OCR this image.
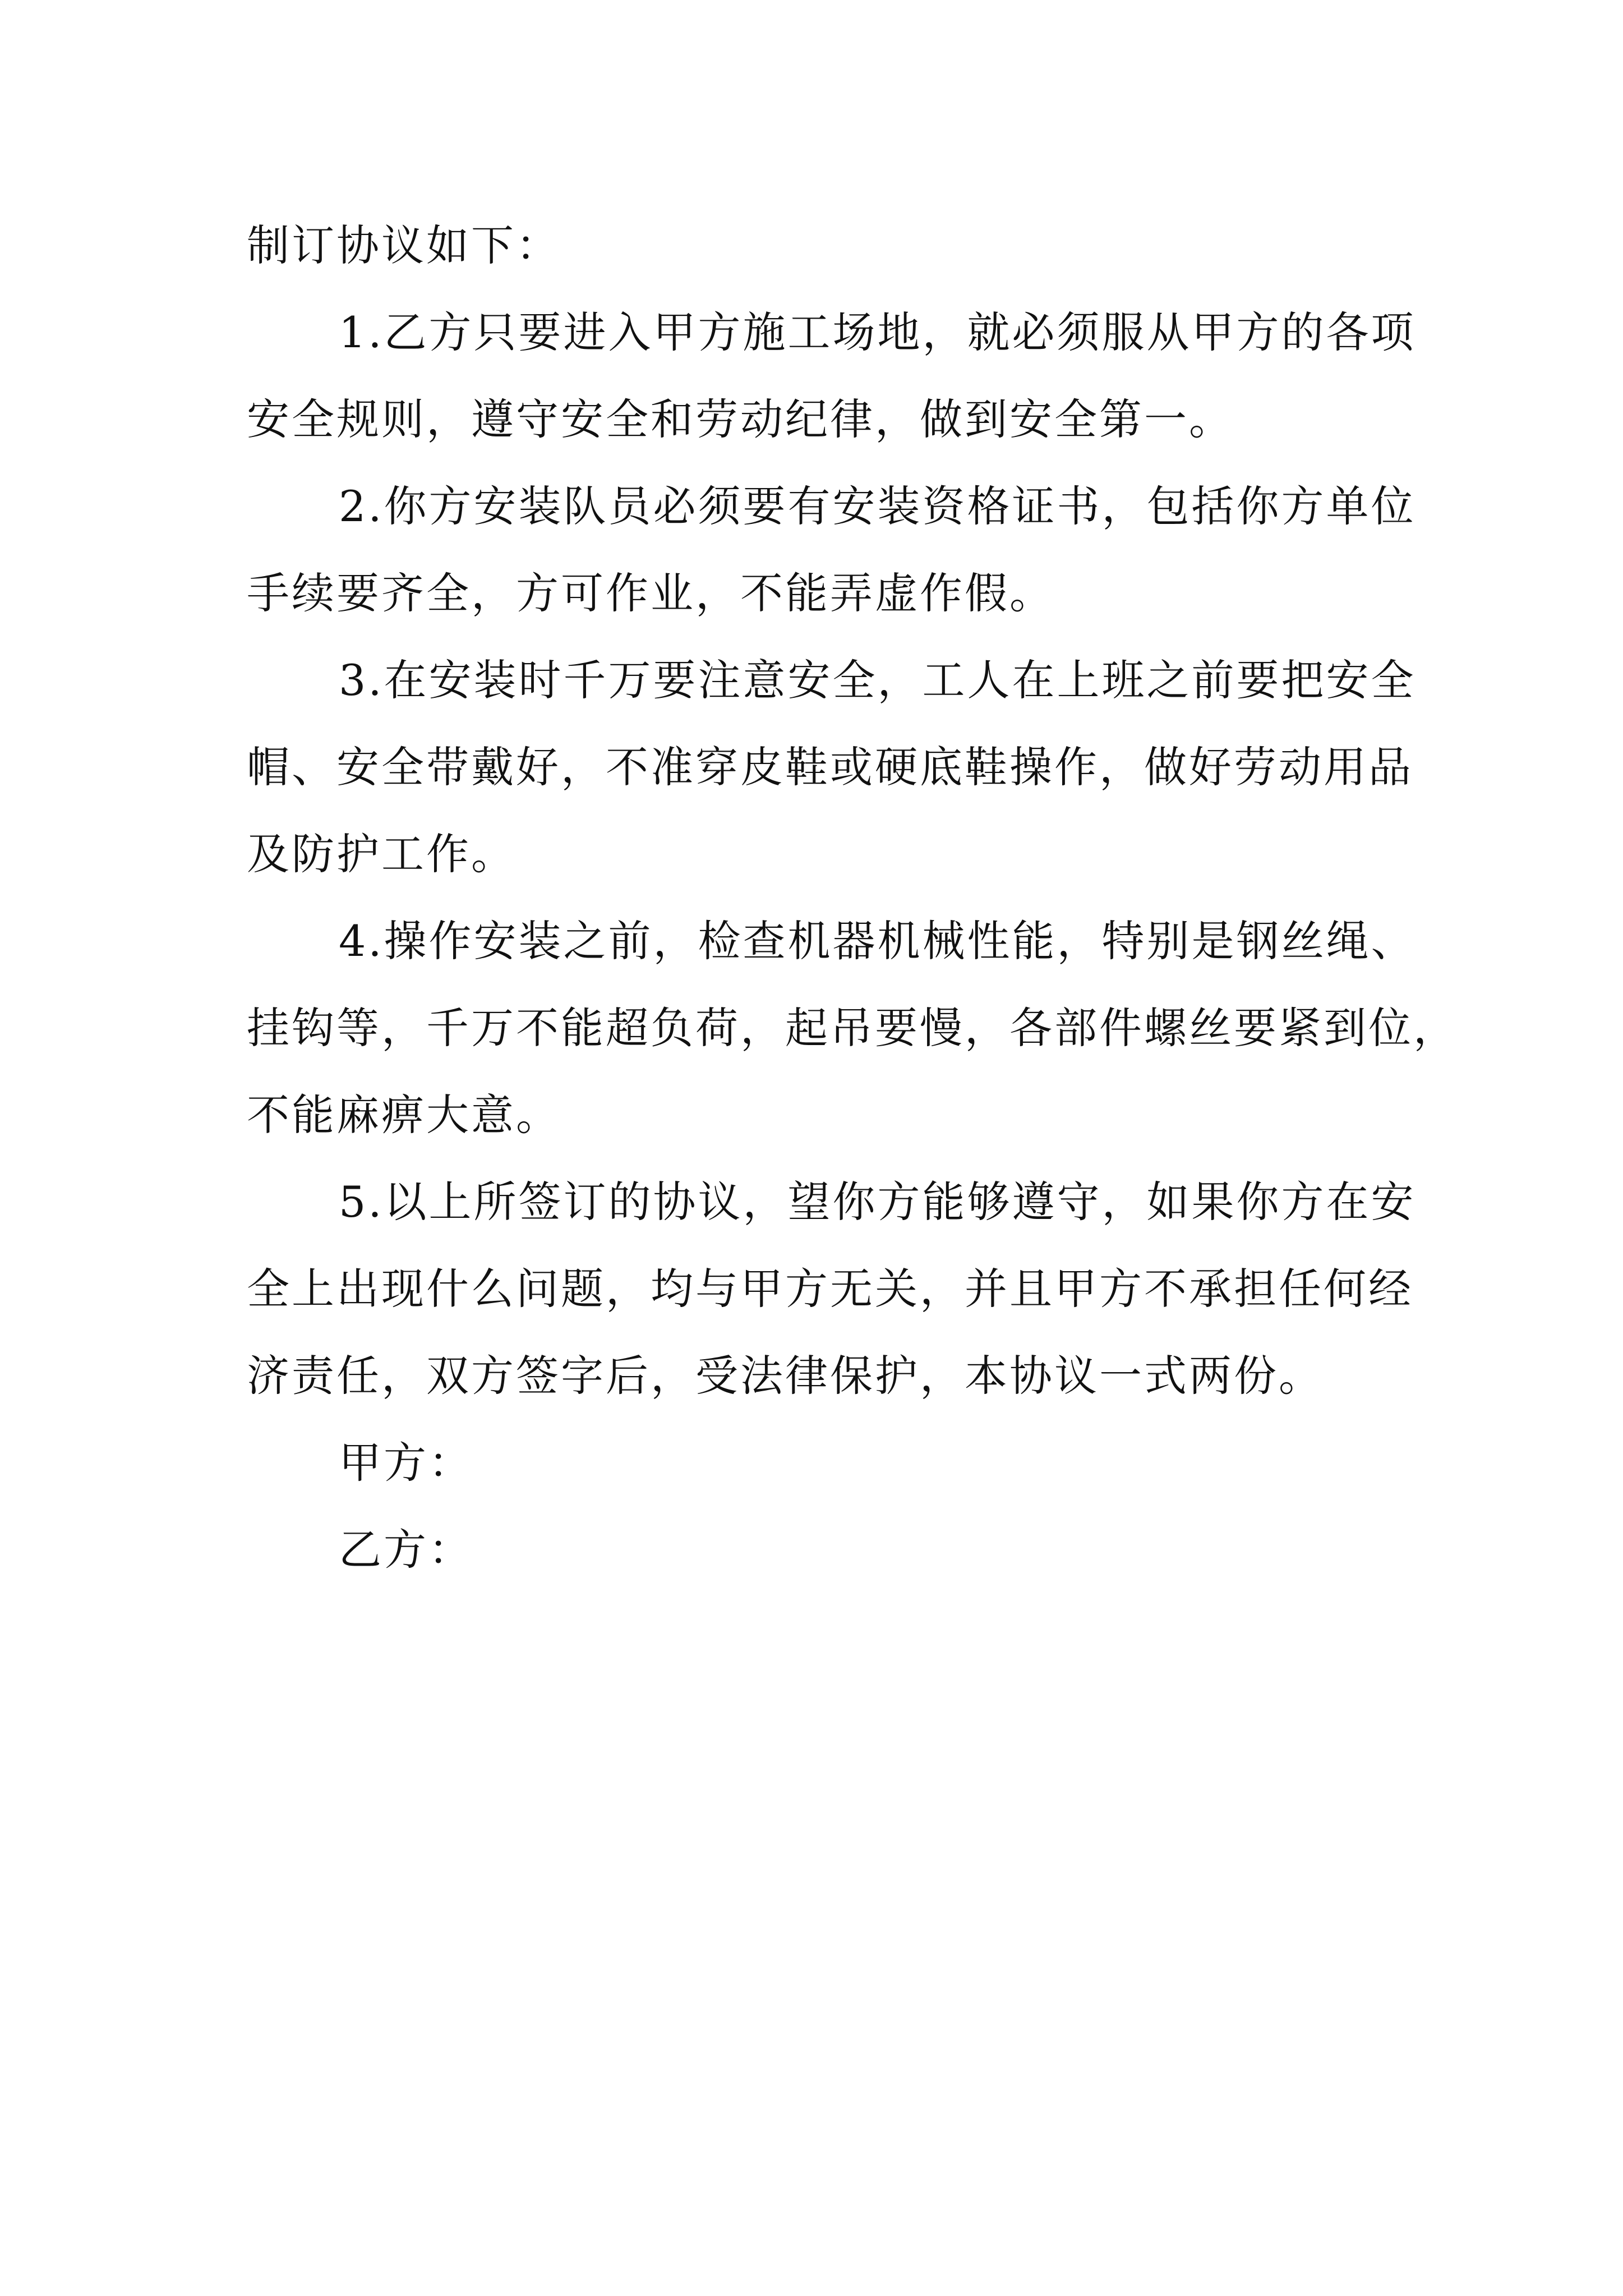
制订协议如下：

1.乙方只要进入甲方施工场地，就必须服从甲方的各项
安全规则，遵守安全和劳动纪律，做到安全第一。

2.你方安装队员必须要有安装资格证书，包括你方单位
手续要齐全，方可作业，不能弄虚作假。

3.在安装时千万要注意安全，工人在上班之前要把安全
帽、安全带戴好，不准穿皮鞋或硬底鞋操作，做好劳动用品
及防护工作。

4.操作安装之前，检查机器机械性能，特别是钢丝绳、
挂钩等，千万不能超负荷，起吊要慢，各部件螺丝要紧到位，
不能麻痹大意。

5.以上所签订的协议，望你方能够遵守，如果你方在安
全上出现什么问题，均与甲方无关，并且甲方不承担任何经
济责任，双方签字后，受法律保护，本协议一式两份。

甲方：
乙方：
